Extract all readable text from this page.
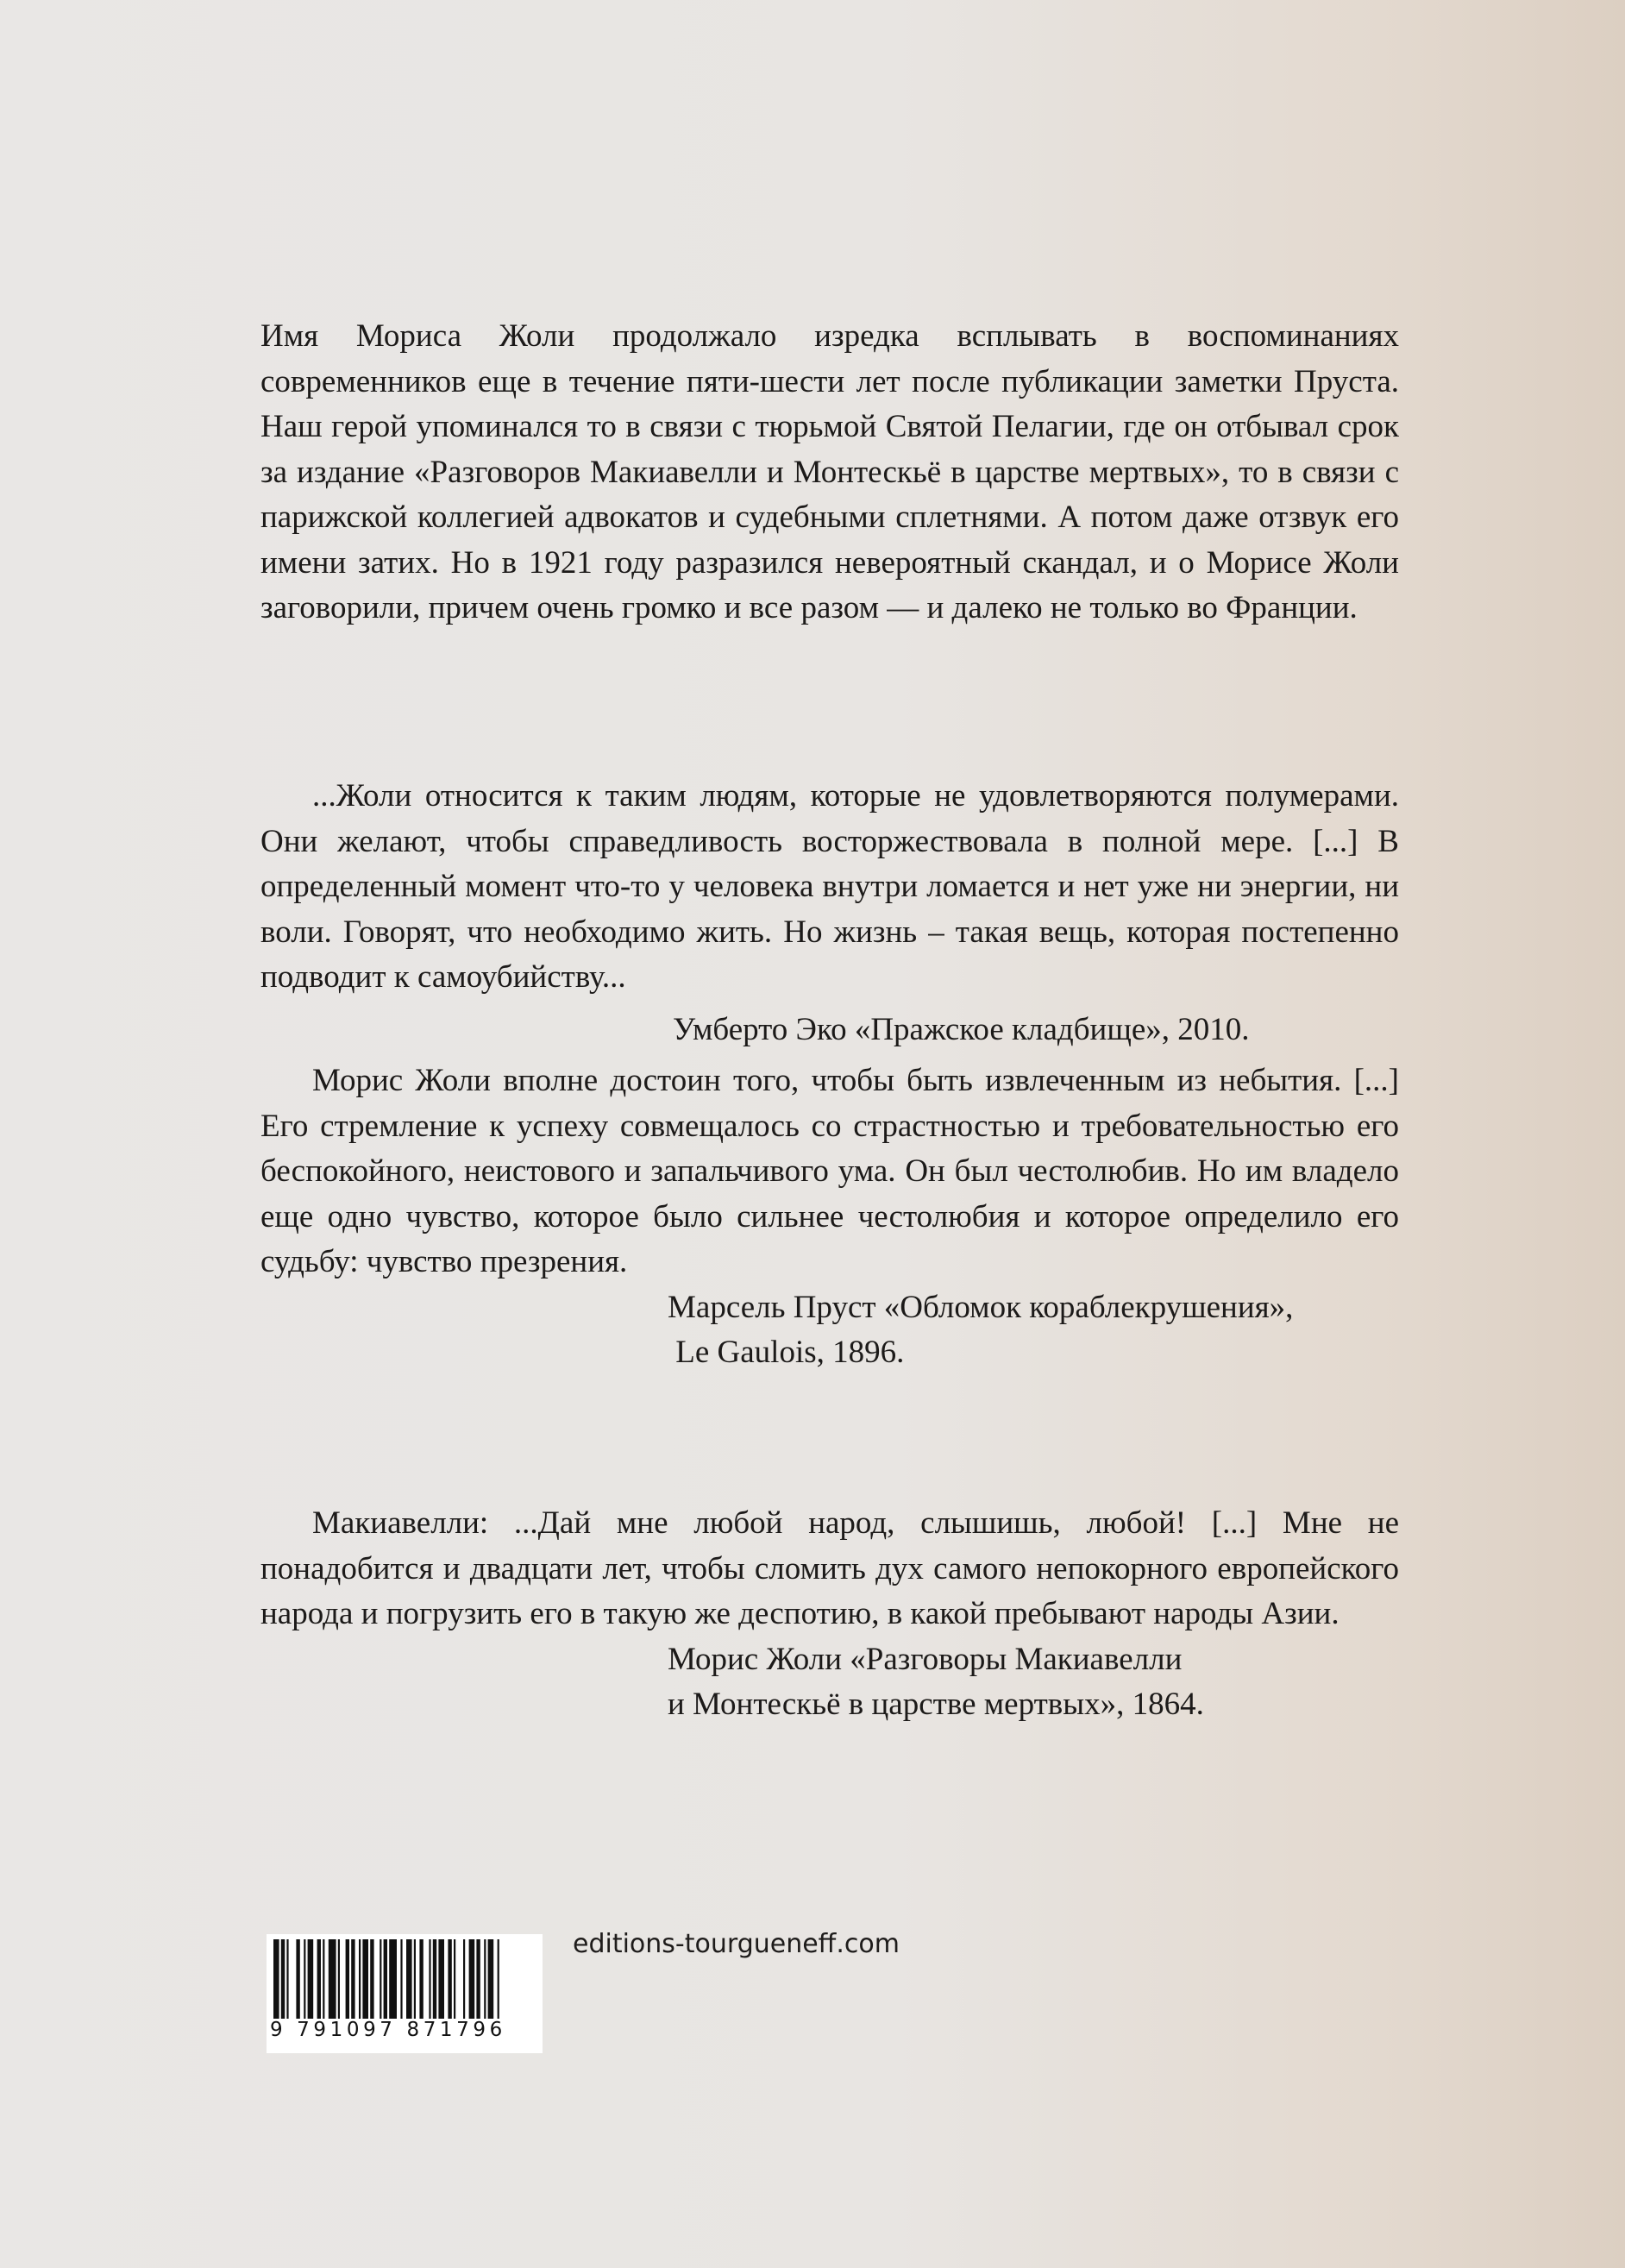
Имя Мориса Жоли продолжало изредка всплывать в воспоминаниях современников еще в течение пяти-шести лет после публикации заметки Пруста. Наш герой упоминался то в связи с тюрьмой Святой Пелагии, где он отбывал срок за издание «Разговоров Макиавелли и Монтескьё в царстве мертвых», то в связи с парижской коллегией адвокатов и судебными сплетнями. А потом даже отзвук его имени затих. Но в 1921 году разразился невероятный скандал, и о Морисе Жоли заговорили, причем очень громко и все разом — и далеко не только во Франции.

...Жоли относится к таким людям, которые не удовлетворяются полумерами. Они желают, чтобы справедливость восторжествовала в полной мере. [...] В определенный момент что-то у человека внутри ломается и нет уже ни энергии, ни воли. Говорят, что необходимо жить. Но жизнь – такая вещь, которая постепенно подводит к самоубийству...

Умберто Эко «Пражское кладбище», 2010.

Морис Жоли вполне достоин того, чтобы быть извлеченным из небытия. [...] Его стремление к успеху совмещалось со страстностью и требовательностью его беспокойного, неистового и запальчивого ума. Он был честолюбив. Но им владело еще одно чувство, которое было сильнее честолюбия и которое определило его судьбу: чувство презрения.

Марсель Пруст «Обломок кораблекрушения»,
Le Gaulois, 1896.

Макиавелли: ...Дай мне любой народ, слышишь, любой! [...] Мне не понадобится и двадцати лет, чтобы сломить дух самого непокорного европейского народа и погрузить его в такую же деспотию, в какой пребывают народы Азии.

Морис Жоли «Разговоры Макиавелли
и Монтескьё в царстве мертвых», 1864.
9 791097 871796
editions-tourgueneff.com
